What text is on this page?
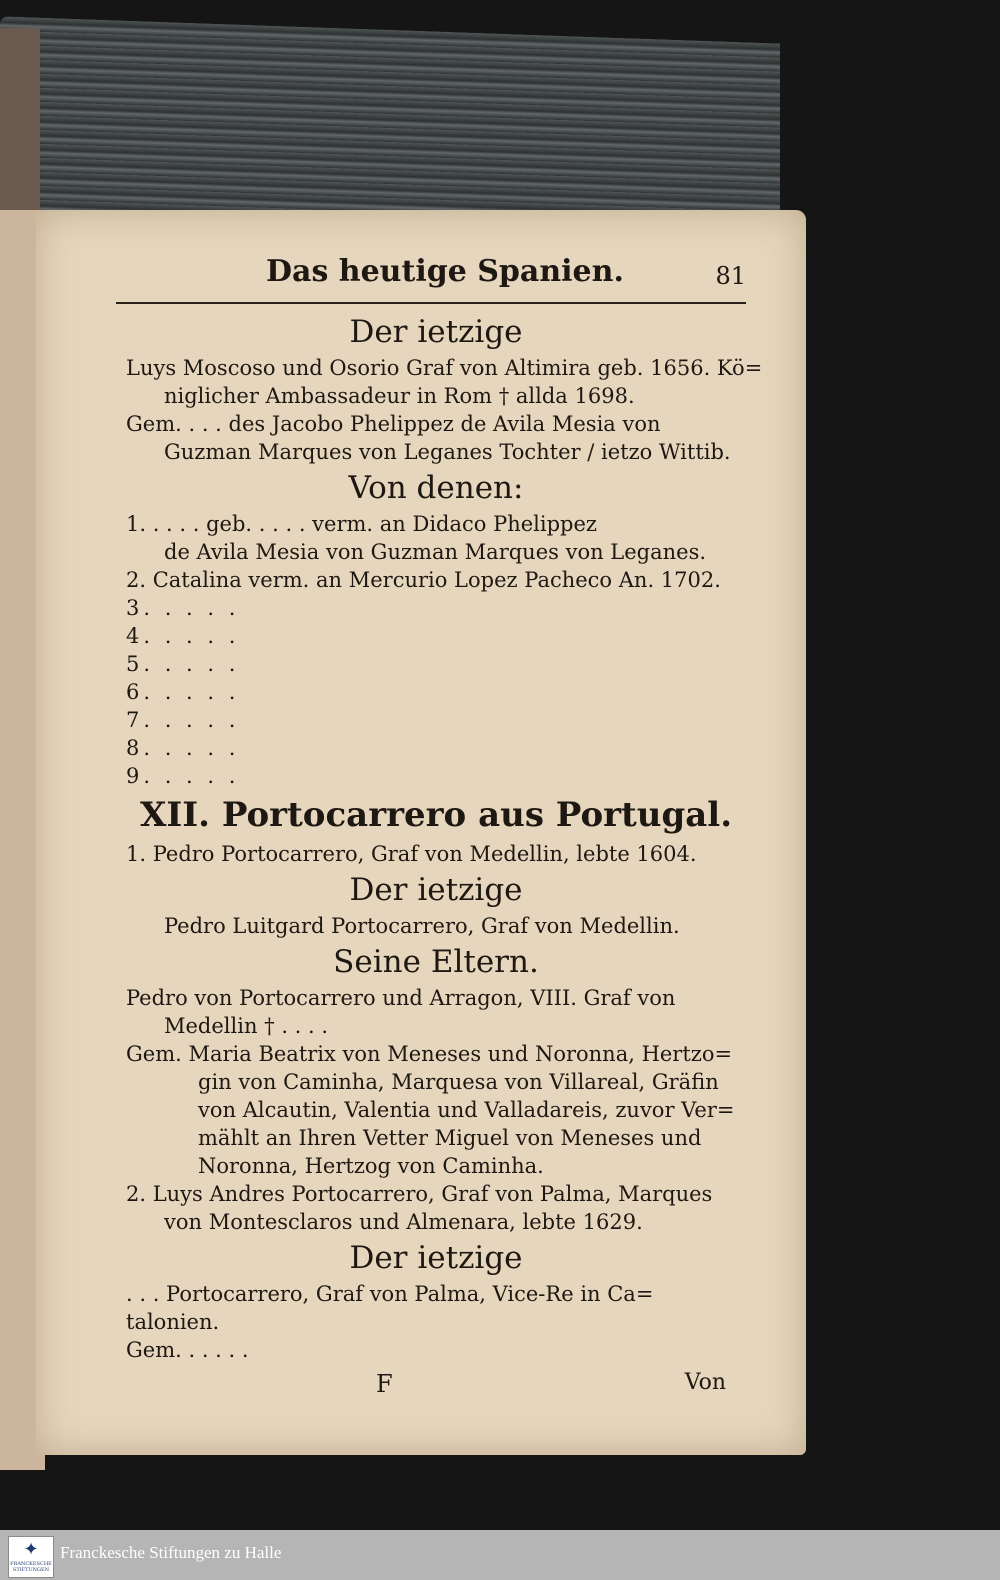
Das heutige Spanien.	81
Der ietzige
Luys Moscoso und Osorio Graf von Altimira geb. 1656. Kö=
niglicher Ambassadeur in Rom † allda 1698.
Gem. . . . des Jacobo Phelippez de Avila Mesia von
Guzman Marques von Leganes Tochter / ietzo Wittib.
Von denen:
1. . . . . geb. . . . . verm. an Didaco Phelippez
de Avila Mesia von Guzman Marques von Leganes.
2. Catalina verm. an Mercurio Lopez Pacheco An. 1702.
3. . . . .
4. . . . .
5. . . . .
6. . . . .
7. . . . .
8. . . . .
9. . . . .
XII. Portocarrero aus Portugal.
1. Pedro Portocarrero, Graf von Medellin, lebte 1604.
Der ietzige
Pedro Luitgard Portocarrero, Graf von Medellin.
Seine Eltern.
Pedro von Portocarrero und Arragon, VIII. Graf von
Medellin † . . . .
Gem. Maria Beatrix von Meneses und Noronna, Hertzo=
gin von Caminha, Marquesa von Villareal, Gräfin
von Alcautin, Valentia und Valladareis, zuvor Ver=
mählt an Ihren Vetter Miguel von Meneses und
Noronna, Hertzog von Caminha.
2. Luys Andres Portocarrero, Graf von Palma, Marques
von Montesclaros und Almenara, lebte 1629.
Der ietzige
. . . Portocarrero, Graf von Palma, Vice-Re in Ca=
talonien.
Gem. . . . . .
F	Von
✦
FRANCKESCHE STIFTUNGEN
Franckesche Stiftungen zu Halle
